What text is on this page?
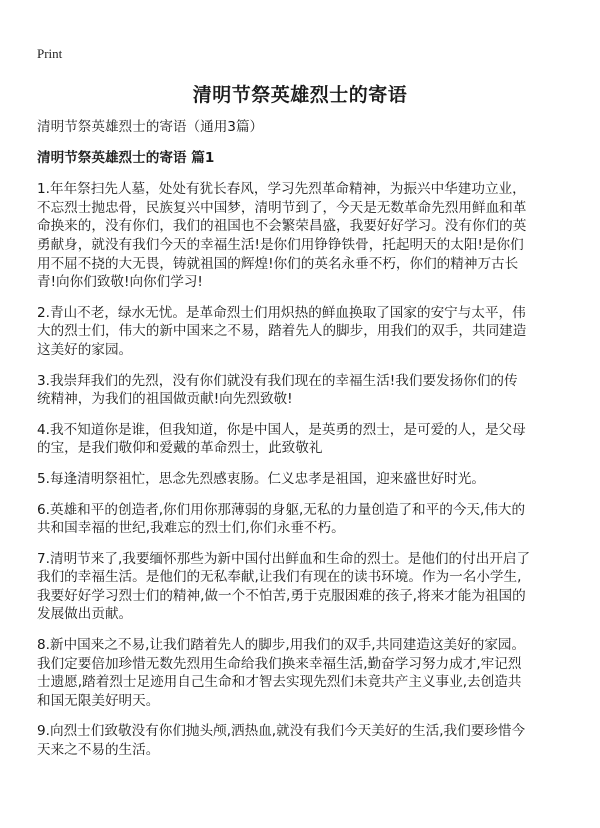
Print
清明节祭英雄烈士的寄语
清明节祭英雄烈士的寄语（通用3篇）
清明节祭英雄烈士的寄语 篇1
1.年年祭扫先人墓，处处有犹长春风，学习先烈革命精神，为振兴中华建功立业，
不忘烈士抛忠骨，民族复兴中国梦，清明节到了，今天是无数革命先烈用鲜血和革
命换来的，没有你们，我们的祖国也不会繁荣昌盛，我要好好学习。没有你们的英
勇献身，就没有我们今天的幸福生活!是你们用铮铮铁骨，托起明天的太阳!是你们
用不屈不挠的大无畏，铸就祖国的辉煌!你们的英名永垂不朽，你们的精神万古长
青!向你们致敬!向你们学习!
2.青山不老，绿水无忧。是革命烈士们用炽热的鲜血换取了国家的安宁与太平，伟
大的烈士们，伟大的新中国来之不易，踏着先人的脚步，用我们的双手，共同建造
这美好的家园。
3.我崇拜我们的先烈，没有你们就没有我们现在的幸福生活!我们要发扬你们的传
统精神，为我们的祖国做贡献!向先烈致敬!
4.我不知道你是谁，但我知道，你是中国人，是英勇的烈士，是可爱的人，是父母
的宝，是我们敬仰和爱戴的革命烈士，此致敬礼
5.每逢清明祭祖忙，思念先烈感衷肠。仁义忠孝是祖国，迎来盛世好时光。
6.英雄和平的创造者,你们用你那薄弱的身躯,无私的力量创造了和平的今天,伟大的
共和国幸福的世纪,我难忘的烈士们,你们永垂不朽。
7.清明节来了,我要缅怀那些为新中国付出鲜血和生命的烈士。是他们的付出开启了
我们的幸福生活。是他们的无私奉献,让我们有现在的读书环境。作为一名小学生,
我要好好学习烈士们的精神,做一个不怕苦,勇于克服困难的孩子,将来才能为祖国的
发展做出贡献。
8.新中国来之不易,让我们踏着先人的脚步,用我们的双手,共同建造这美好的家园。
我们定要倍加珍惜无数先烈用生命给我们换来幸福生活,勤奋学习努力成才,牢记烈
士遗愿,踏着烈士足迹用自己生命和才智去实现先烈们未竟共产主义事业,去创造共
和国无限美好明天。
9.向烈士们致敬没有你们抛头颅,洒热血,就没有我们今天美好的生活,我们要珍惜今
天来之不易的生活。
